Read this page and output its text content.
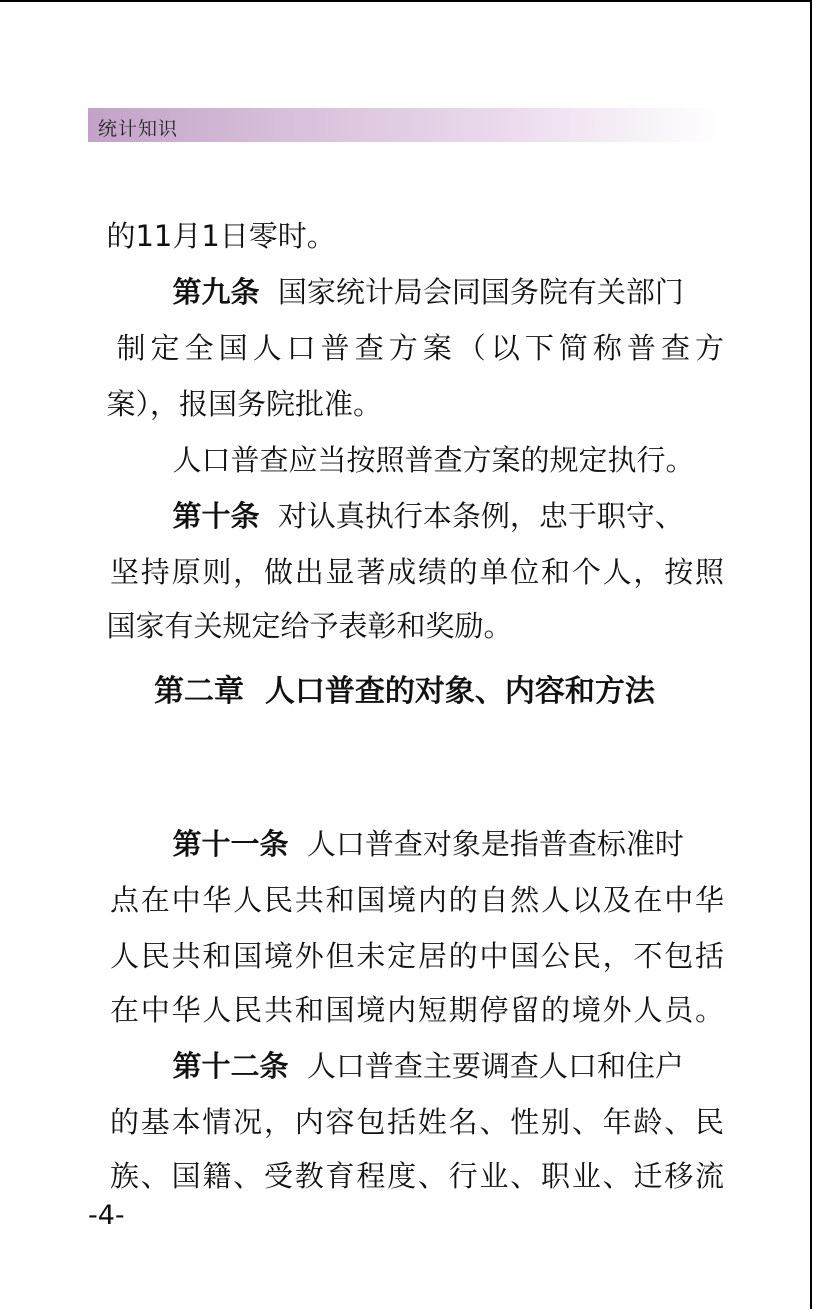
统计知识

的11月1日零时。

第九条 国家统计局会同国务院有关部门

制定全国人口普查方案（以下简称普查方

案），报国务院批准。

人口普查应当按照普查方案的规定执行。

第十条 对认真执行本条例，忠于职守、

坚持原则，做出显著成绩的单位和个人，按照

国家有关规定给予表彰和奖励。

第二章  人口普查的对象、内容和方法

第十一条 人口普查对象是指普查标准时

点在中华人民共和国境内的自然人以及在中华

人民共和国境外但未定居的中国公民，不包括

在中华人民共和国境内短期停留的境外人员。

第十二条 人口普查主要调查人口和住户

的基本情况，内容包括姓名、性别、年龄、民

族、国籍、受教育程度、行业、职业、迁移流

-4-
